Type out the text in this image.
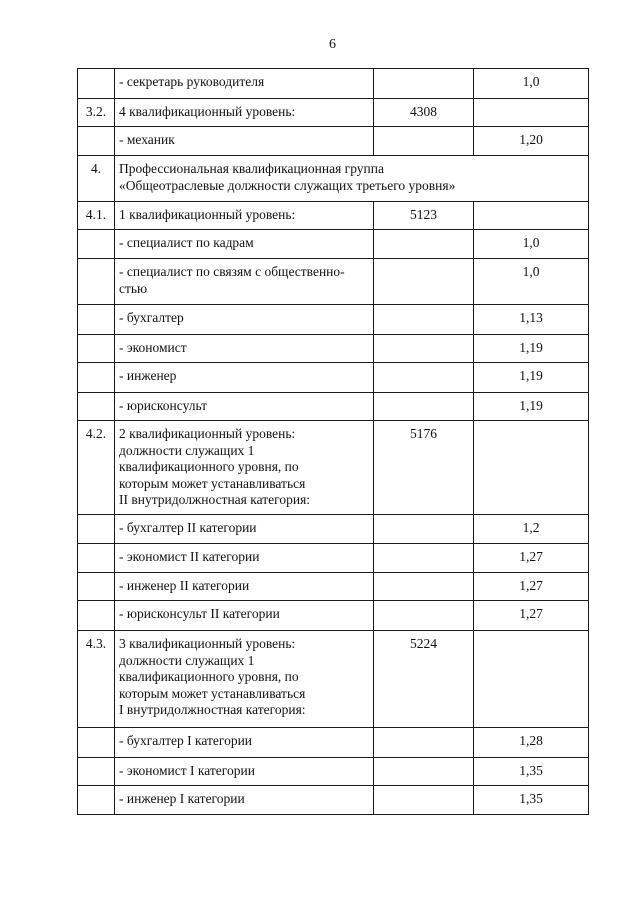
6
	- секретарь руководителя		1,0
3.2.	4 квалификационный уровень:	4308	
	- механик		1,20
4.	Профессиональная квалификационная группа
«Общеотраслевые должности служащих третьего уровня»		
4.1.	1 квалификационный уровень:	5123	
	- специалист по кадрам		1,0
	- специалист по связям с общественно-
стью		1,0
	- бухгалтер		1,13
	- экономист		1,19
	- инженер		1,19
	- юрисконсульт		1,19
4.2.	2 квалификационный уровень:
должности служащих 1
квалификационного уровня, по
которым может устанавливаться
II внутридолжностная категория:	5176	
	- бухгалтер II категории		1,2
	- экономист II категории		1,27
	- инженер II категории		1,27
	- юрисконсульт II категории		1,27
4.3.	3 квалификационный уровень:
должности служащих 1
квалификационного уровня, по
которым может устанавливаться
I внутридолжностная категория:	5224	
	- бухгалтер I категории		1,28
	- экономист I категории		1,35
	- инженер I категории		1,35
